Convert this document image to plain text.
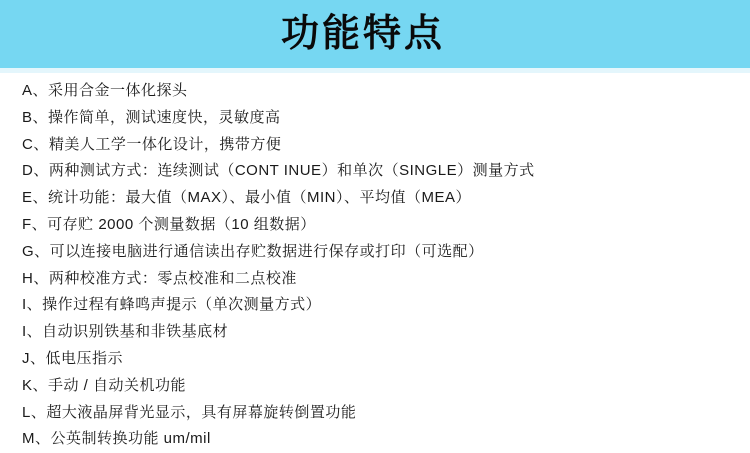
功能特点
A、采用合金一体化探头
B、操作简单，测试速度快，灵敏度高
C、精美人工学一体化设计，携带方便
D、两种测试方式：连续测试（CONT INUE）和单次（SINGLE）测量方式
E、统计功能：最大值（MAX）、最小值（MIN）、平均值（MEA）
F、可存贮 2000 个测量数据（10 组数据）
G、可以连接电脑进行通信读出存贮数据进行保存或打印（可选配）
H、两种校准方式：零点校准和二点校准
I、操作过程有蜂鸣声提示（单次测量方式）
I、自动识别铁基和非铁基底材
J、低电压指示
K、手动 / 自动关机功能
L、超大液晶屏背光显示，具有屏幕旋转倒置功能
M、公英制转换功能 um/mil
